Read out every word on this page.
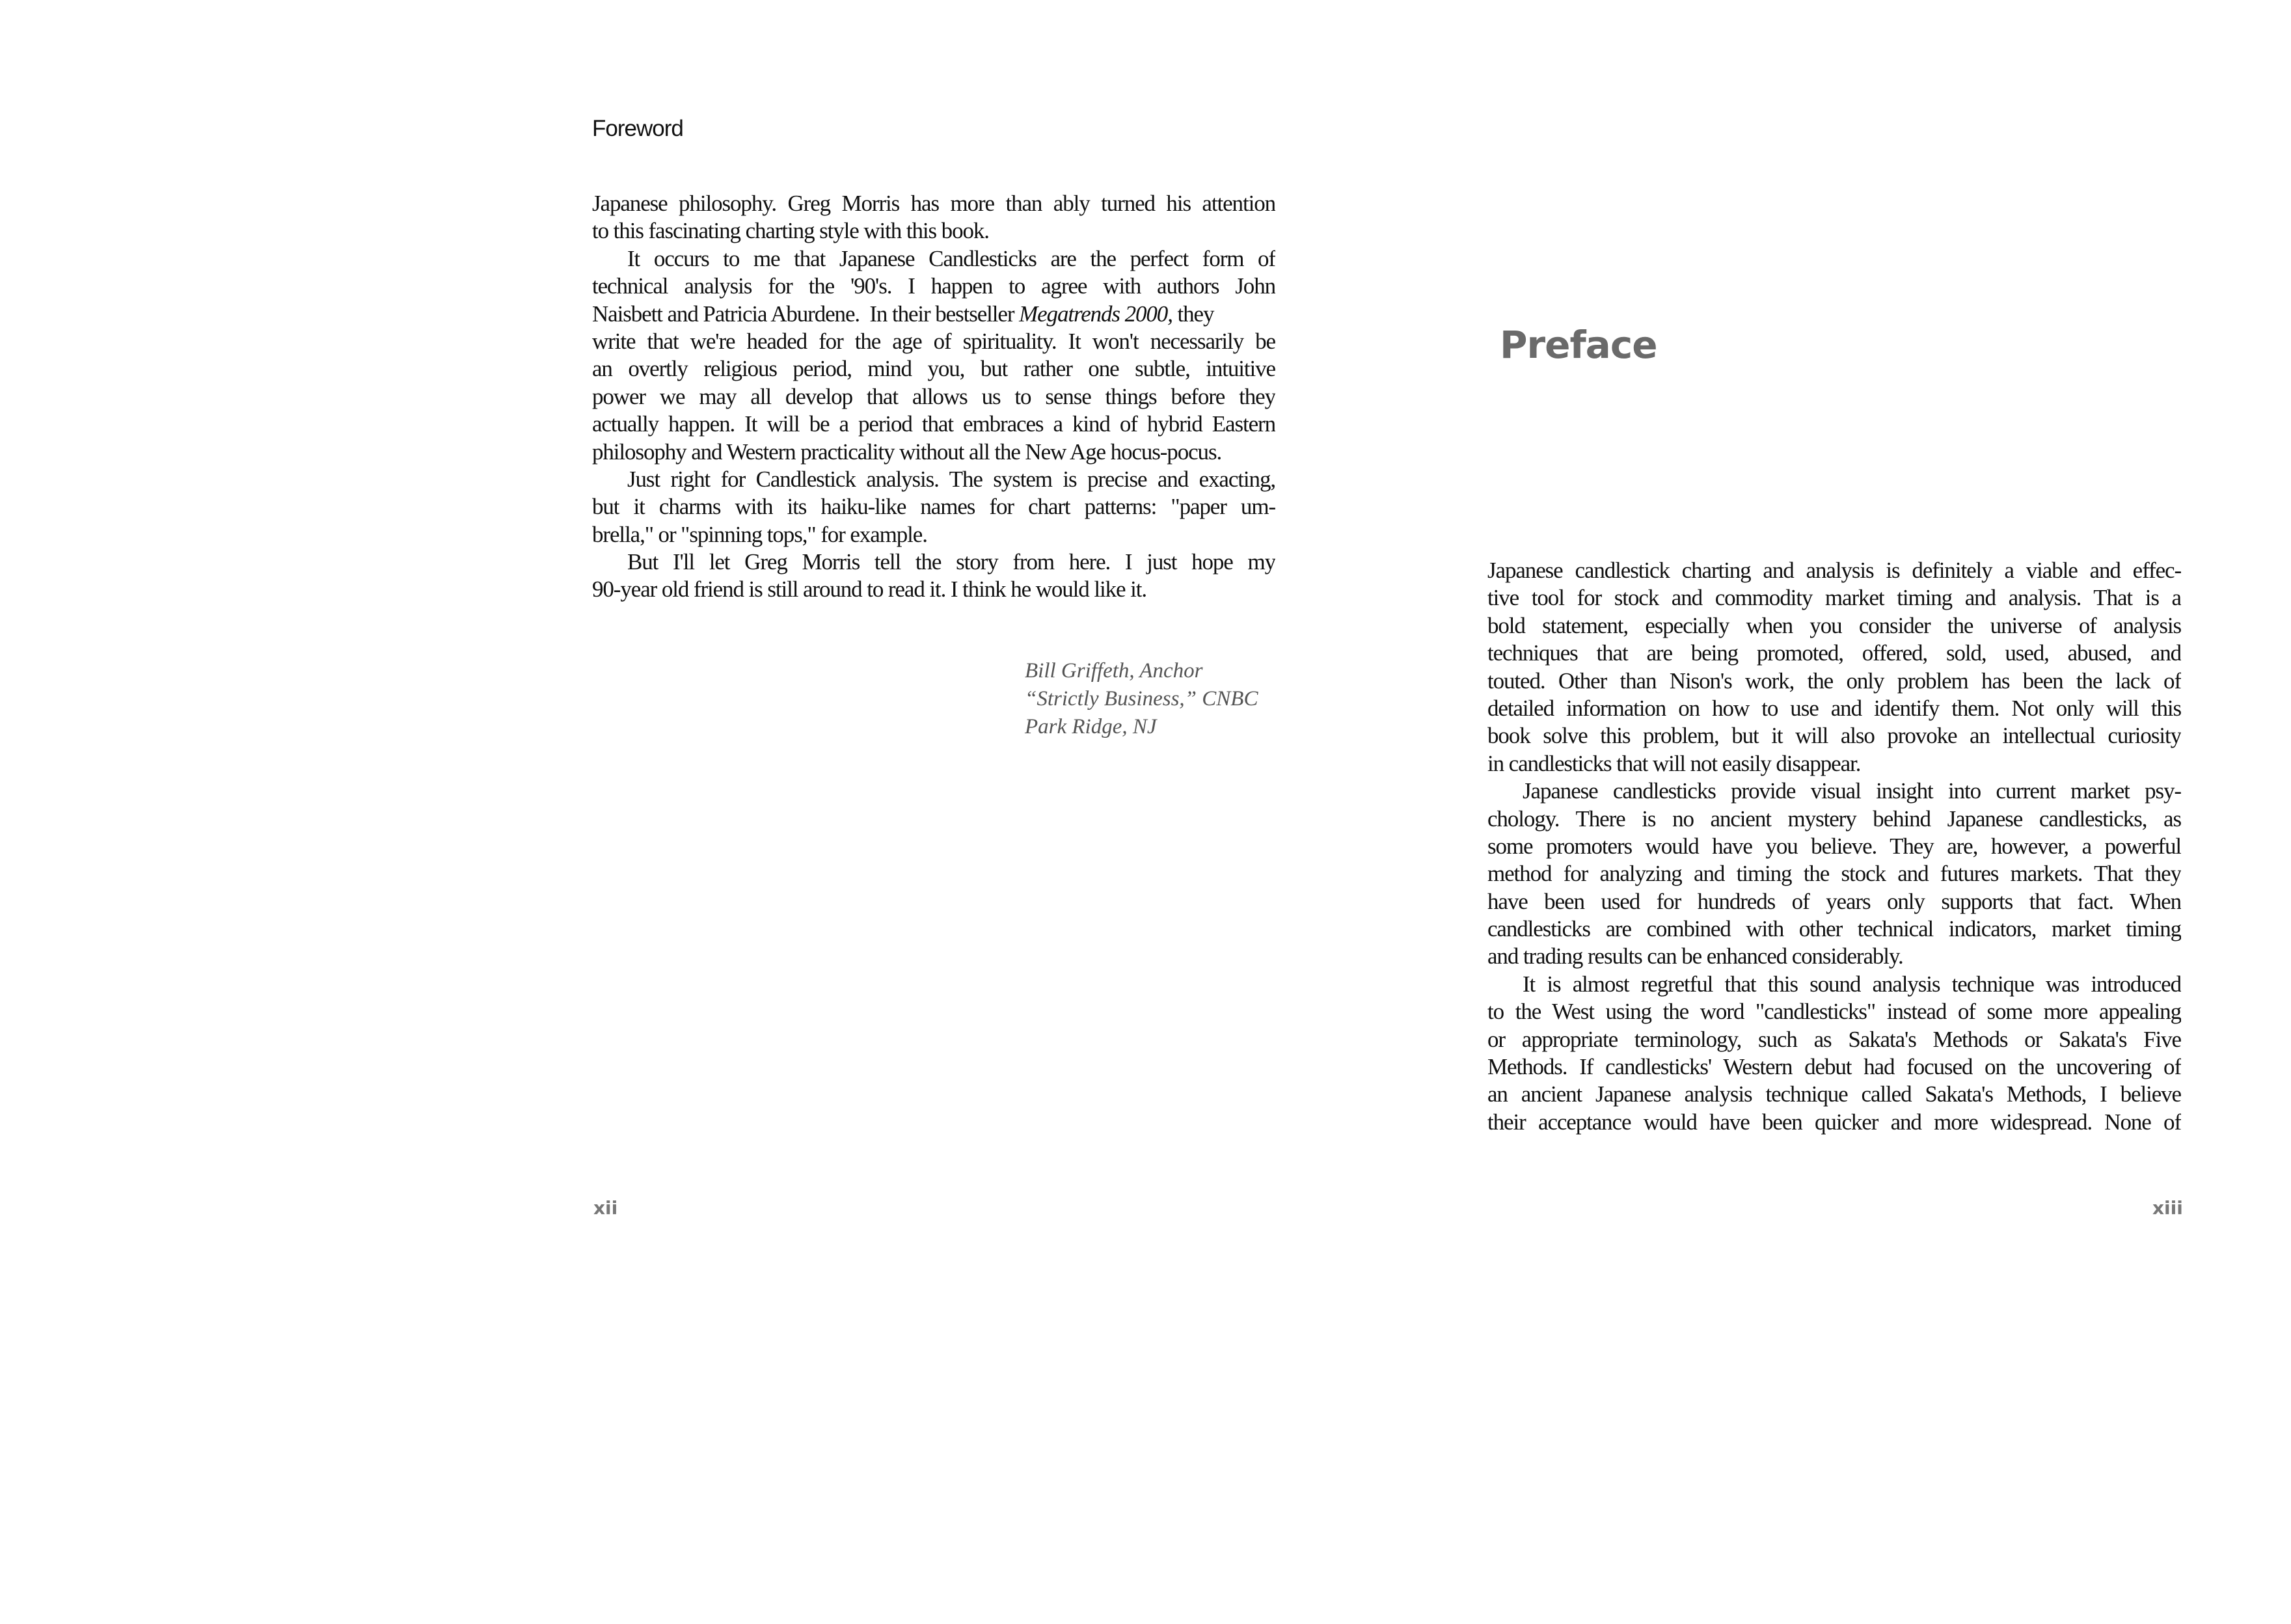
Foreword
Japanese philosophy. Greg Morris has more than ably turned his attention
to this fascinating charting style with this book.
It occurs to me that Japanese Candlesticks are the perfect form of
technical analysis for the '90's. I happen to agree with authors John
Naisbett and Patricia Aburdene.  In their bestseller Megatrends 2000, they
write that we're headed for the age of spirituality. It won't necessarily be
an overtly religious period, mind you, but rather one subtle, intuitive
power we may all develop that allows us to sense things before they
actually happen. It will be a period that embraces a kind of hybrid Eastern
philosophy and Western practicality without all the New Age hocus-pocus.
Just right for Candlestick analysis. The system is precise and exacting,
but it charms with its haiku-like names for chart patterns: "paper um-
brella," or "spinning tops," for example.
But I'll let Greg Morris tell the story from here. I just hope my
90-year old friend is still around to read it. I think he would like it.
Bill Griffeth, Anchor
“Strictly Business,” CNBC
Park Ridge, NJ
xii
Preface
Japanese candlestick charting and analysis is definitely a viable and effec-
tive tool for stock and commodity market timing and analysis. That is a
bold statement, especially when you consider the universe of analysis
techniques that are being promoted, offered, sold, used, abused, and
touted. Other than Nison's work, the only problem has been the lack of
detailed information on how to use and identify them. Not only will this
book solve this problem, but it will also provoke an intellectual curiosity
in candlesticks that will not easily disappear.
Japanese candlesticks provide visual insight into current market psy-
chology. There is no ancient mystery behind Japanese candlesticks, as
some promoters would have you believe. They are, however, a powerful
method for analyzing and timing the stock and futures markets. That they
have been used for hundreds of years only supports that fact. When
candlesticks are combined with other technical indicators, market timing
and trading results can be enhanced considerably.
It is almost regretful that this sound analysis technique was introduced
to the West using the word "candlesticks" instead of some more appealing
or appropriate terminology, such as Sakata's Methods or Sakata's Five
Methods. If candlesticks' Western debut had focused on the uncovering of
an ancient Japanese analysis technique called Sakata's Methods, I believe
their acceptance would have been quicker and more widespread. None of
xiii
